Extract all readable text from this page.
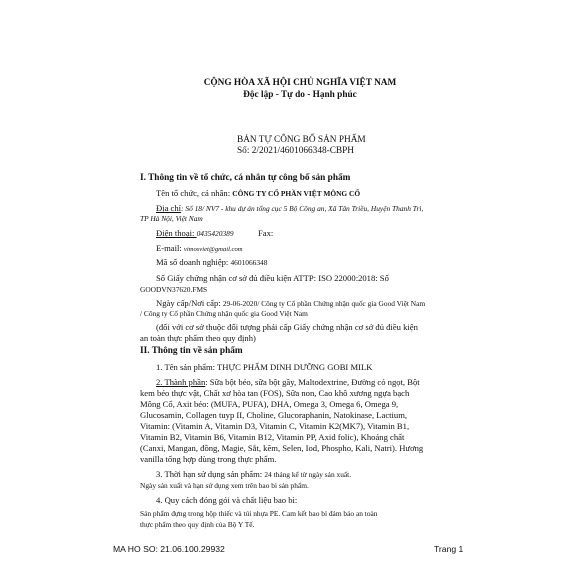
CỘNG HÒA XÃ HỘI CHỦ NGHĨA VIỆT NAM
Độc lập - Tự do - Hạnh phúc
BẢN TỰ CÔNG BỐ SẢN PHẨM
Số: 2/2021/4601066348-CBPH
I. Thông tin về tổ chức, cá nhân tự công bố sản phẩm
Tên tổ chức, cá nhân: CÔNG TY CỔ PHẦN VIỆT MÔNG CỔ
Địa chỉ: Số 18/ NV7 - khu dự án tổng cục 5 Bộ Công an, Xã Tân Triều, Huyện Thanh Trì,
TP Hà Nội, Việt Nam
Điện thoại: 0435420389	Fax:
E-mail: vimosviet@gmail.com
Mã số doanh nghiệp: 4601066348
Số Giấy chứng nhận cơ sở đủ điều kiện ATTP: ISO 22000:2018: Số
GOODVN37620.FMS
Ngày cấp/Nơi cấp: 29-06-2020/ Công ty Cổ phần Chứng nhận quốc gia Good Việt Nam
/ Công ty Cổ phần Chứng nhận quốc gia Good Việt Nam
(đối với cơ sở thuộc đối tượng phải cấp Giấy chứng nhận cơ sở đủ điều kiện
an toàn thực phẩm theo quy định)
II. Thông tin về sản phẩm
1. Tên sản phẩm: THỰC PHẨM DINH DƯỠNG GOBI MILK
2. Thành phần: Sữa bột béo, sữa bột gầy, Maltodextrine, Đường cỏ ngọt, Bột
kem béo thực vật, Chất xơ hòa tan (FOS), Sữa non, Cao khô xương ngựa bạch
Mông Cổ, Axit béo: (MUFA, PUFA), DHA, Omega 3, Omega 6, Omega 9,
Glucosamin, Collagen tuyp II, Choline, Glucoraphanin, Natokinase, Lactium,
Vitamin: (Vitamin A, Vitamin D3, Vitamin C, Vitamin K2(MK7), Vitamin B1,
Vitamin B2, Vitamin B6, Vitamin B12, Vitamin PP, Axid folic), Khoáng chất
(Canxi, Mangan, đồng, Magie, Sắt, kẽm, Selen, Iod, Phospho, Kali, Natri). Hương
vanilla tổng hợp dùng trong thực phẩm.
3. Thời hạn sử dụng sản phẩm: 24 tháng kể từ ngày sản xuất.
Ngày sản xuất và hạn sử dụng xem trên bao bì sản phẩm.
4. Quy cách đóng gói và chất liệu bao bì:
Sản phẩm đựng trong hộp thiếc và túi nhựa PE. Cam kết bao bì đảm bảo an toàn
thực phẩm theo quy định của Bộ Y Tế.
MA HO SO: 21.06.100.29932	Trang 1
